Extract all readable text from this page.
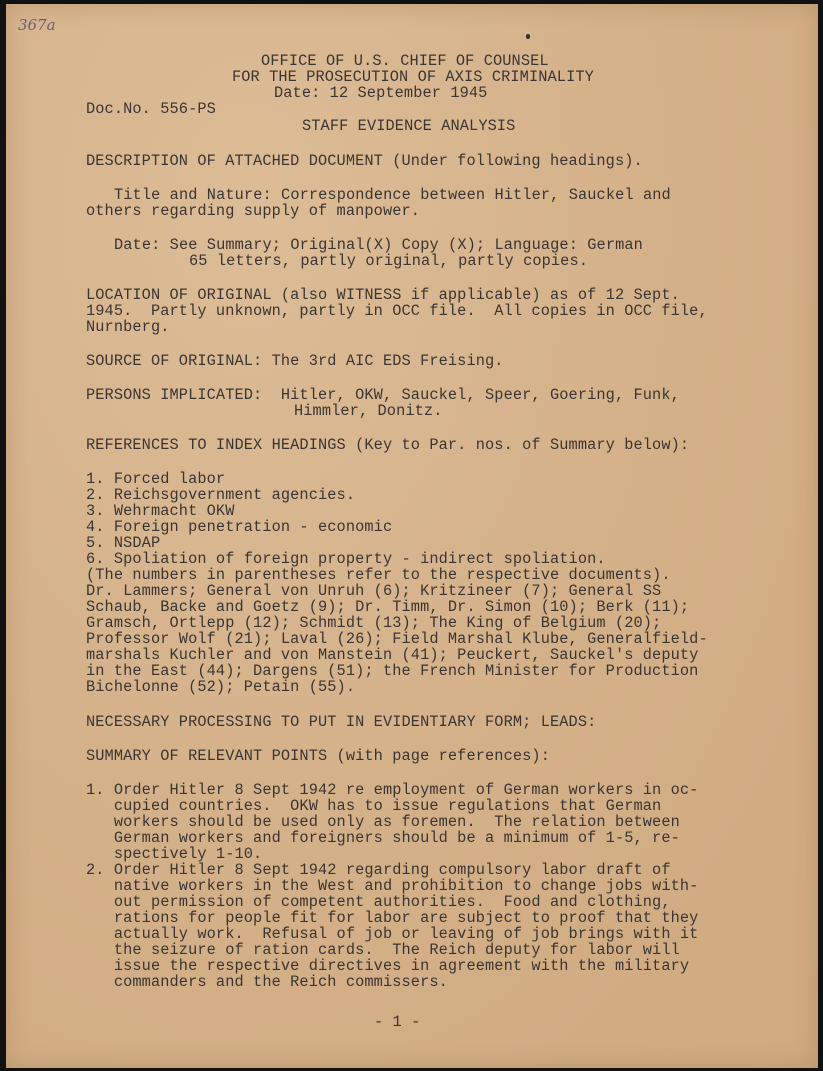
367a
OFFICE OF U.S. CHIEF OF COUNSEL
FOR THE PROSECUTION OF AXIS CRIMINALITY
Date: 12 September 1945
Doc.No. 556-PS
STAFF EVIDENCE ANALYSIS
DESCRIPTION OF ATTACHED DOCUMENT (Under following headings).
Title and Nature: Correspondence between Hitler, Sauckel and
others regarding supply of manpower.
Date: See Summary; Original(X) Copy (X); Language: German
65 letters, partly original, partly copies.
LOCATION OF ORIGINAL (also WITNESS if applicable) as of 12 Sept.
1945.  Partly unknown, partly in OCC file.  All copies in OCC file,
Nurnberg.
SOURCE OF ORIGINAL: The 3rd AIC EDS Freising.
PERSONS IMPLICATED:  Hitler, OKW, Sauckel, Speer, Goering, Funk,
Himmler, Donitz.
REFERENCES TO INDEX HEADINGS (Key to Par. nos. of Summary below):
1. Forced labor
2. Reichsgovernment agencies.
3. Wehrmacht OKW
4. Foreign penetration - economic
5. NSDAP
6. Spoliation of foreign property - indirect spoliation.
(The numbers in parentheses refer to the respective documents).
Dr. Lammers; General von Unruh (6); Kritzineer (7); General SS
Schaub, Backe and Goetz (9); Dr. Timm, Dr. Simon (10); Berk (11);
Gramsch, Ortlepp (12); Schmidt (13); The King of Belgium (20);
Professor Wolf (21); Laval (26); Field Marshal Klube, Generalfield-
marshals Kuchler and von Manstein (41); Peuckert, Sauckel's deputy
in the East (44); Dargens (51); the French Minister for Production
Bichelonne (52); Petain (55).
NECESSARY PROCESSING TO PUT IN EVIDENTIARY FORM; LEADS:
SUMMARY OF RELEVANT POINTS (with page references):
1. Order Hitler 8 Sept 1942 re employment of German workers in oc-
cupied countries.  OKW has to issue regulations that German
workers should be used only as foremen.  The relation between
German workers and foreigners should be a minimum of 1-5, re-
spectively 1-10.
2. Order Hitler 8 Sept 1942 regarding compulsory labor draft of
native workers in the West and prohibition to change jobs with-
out permission of competent authorities.  Food and clothing,
rations for people fit for labor are subject to proof that they
actually work.  Refusal of job or leaving of job brings with it
the seizure of ration cards.  The Reich deputy for labor will
issue the respective directives in agreement with the military
commanders and the Reich commissers.
- 1 -
